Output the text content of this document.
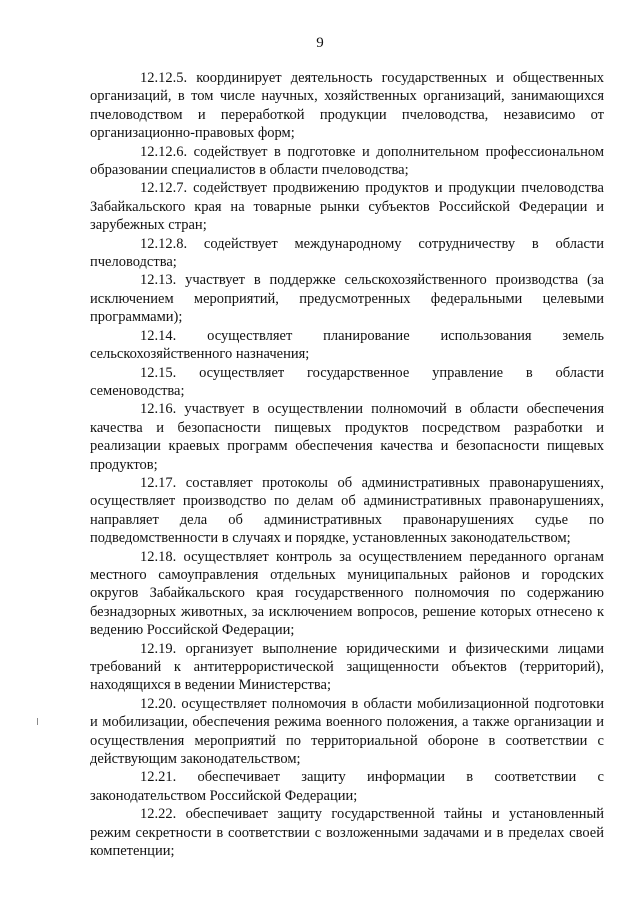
9

12.12.5. координирует деятельность государственных и общественных организаций, в том числе научных, хозяйственных организаций, занимающихся пчеловодством и переработкой продукции пчеловодства, независимо от организационно-правовых форм;

12.12.6. содействует в подготовке и дополнительном профессиональном образовании специалистов в области пчеловодства;

12.12.7. содействует продвижению продуктов и продукции пчеловодства Забайкальского края на товарные рынки субъектов Российской Федерации и зарубежных стран;

12.12.8. содействует международному сотрудничеству в области пчеловодства;

12.13. участвует в поддержке сельскохозяйственного производства (за исключением мероприятий, предусмотренных федеральными целевыми программами);

12.14. осуществляет планирование использования земель сельскохозяйственного назначения;

12.15. осуществляет государственное управление в области семеноводства;

12.16. участвует в осуществлении полномочий в области обеспечения качества и безопасности пищевых продуктов посредством разработки и реализации краевых программ обеспечения качества и безопасности пищевых продуктов;

12.17. составляет протоколы об административных правонарушениях, осуществляет производство по делам об административных правонарушениях, направляет дела об административных правонарушениях судье по подведомственности в случаях и порядке, установленных законодательством;

12.18. осуществляет контроль за осуществлением переданного органам местного самоуправления отдельных муниципальных районов и городских округов Забайкальского края государственного полномочия по содержанию безнадзорных животных, за исключением вопросов, решение которых отнесено к ведению Российской Федерации;

12.19. организует выполнение юридическими и физическими лицами требований к антитеррористической защищенности объектов (территорий), находящихся в ведении Министерства;

12.20. осуществляет полномочия в области мобилизационной подготовки и мобилизации, обеспечения режима военного положения, а также организации и осуществления мероприятий по территориальной обороне в соответствии с действующим законодательством;

12.21. обеспечивает защиту информации в соответствии с законодательством Российской Федерации;

12.22. обеспечивает защиту государственной тайны и установленный режим секретности в соответствии с возложенными задачами и в пределах своей компетенции;
